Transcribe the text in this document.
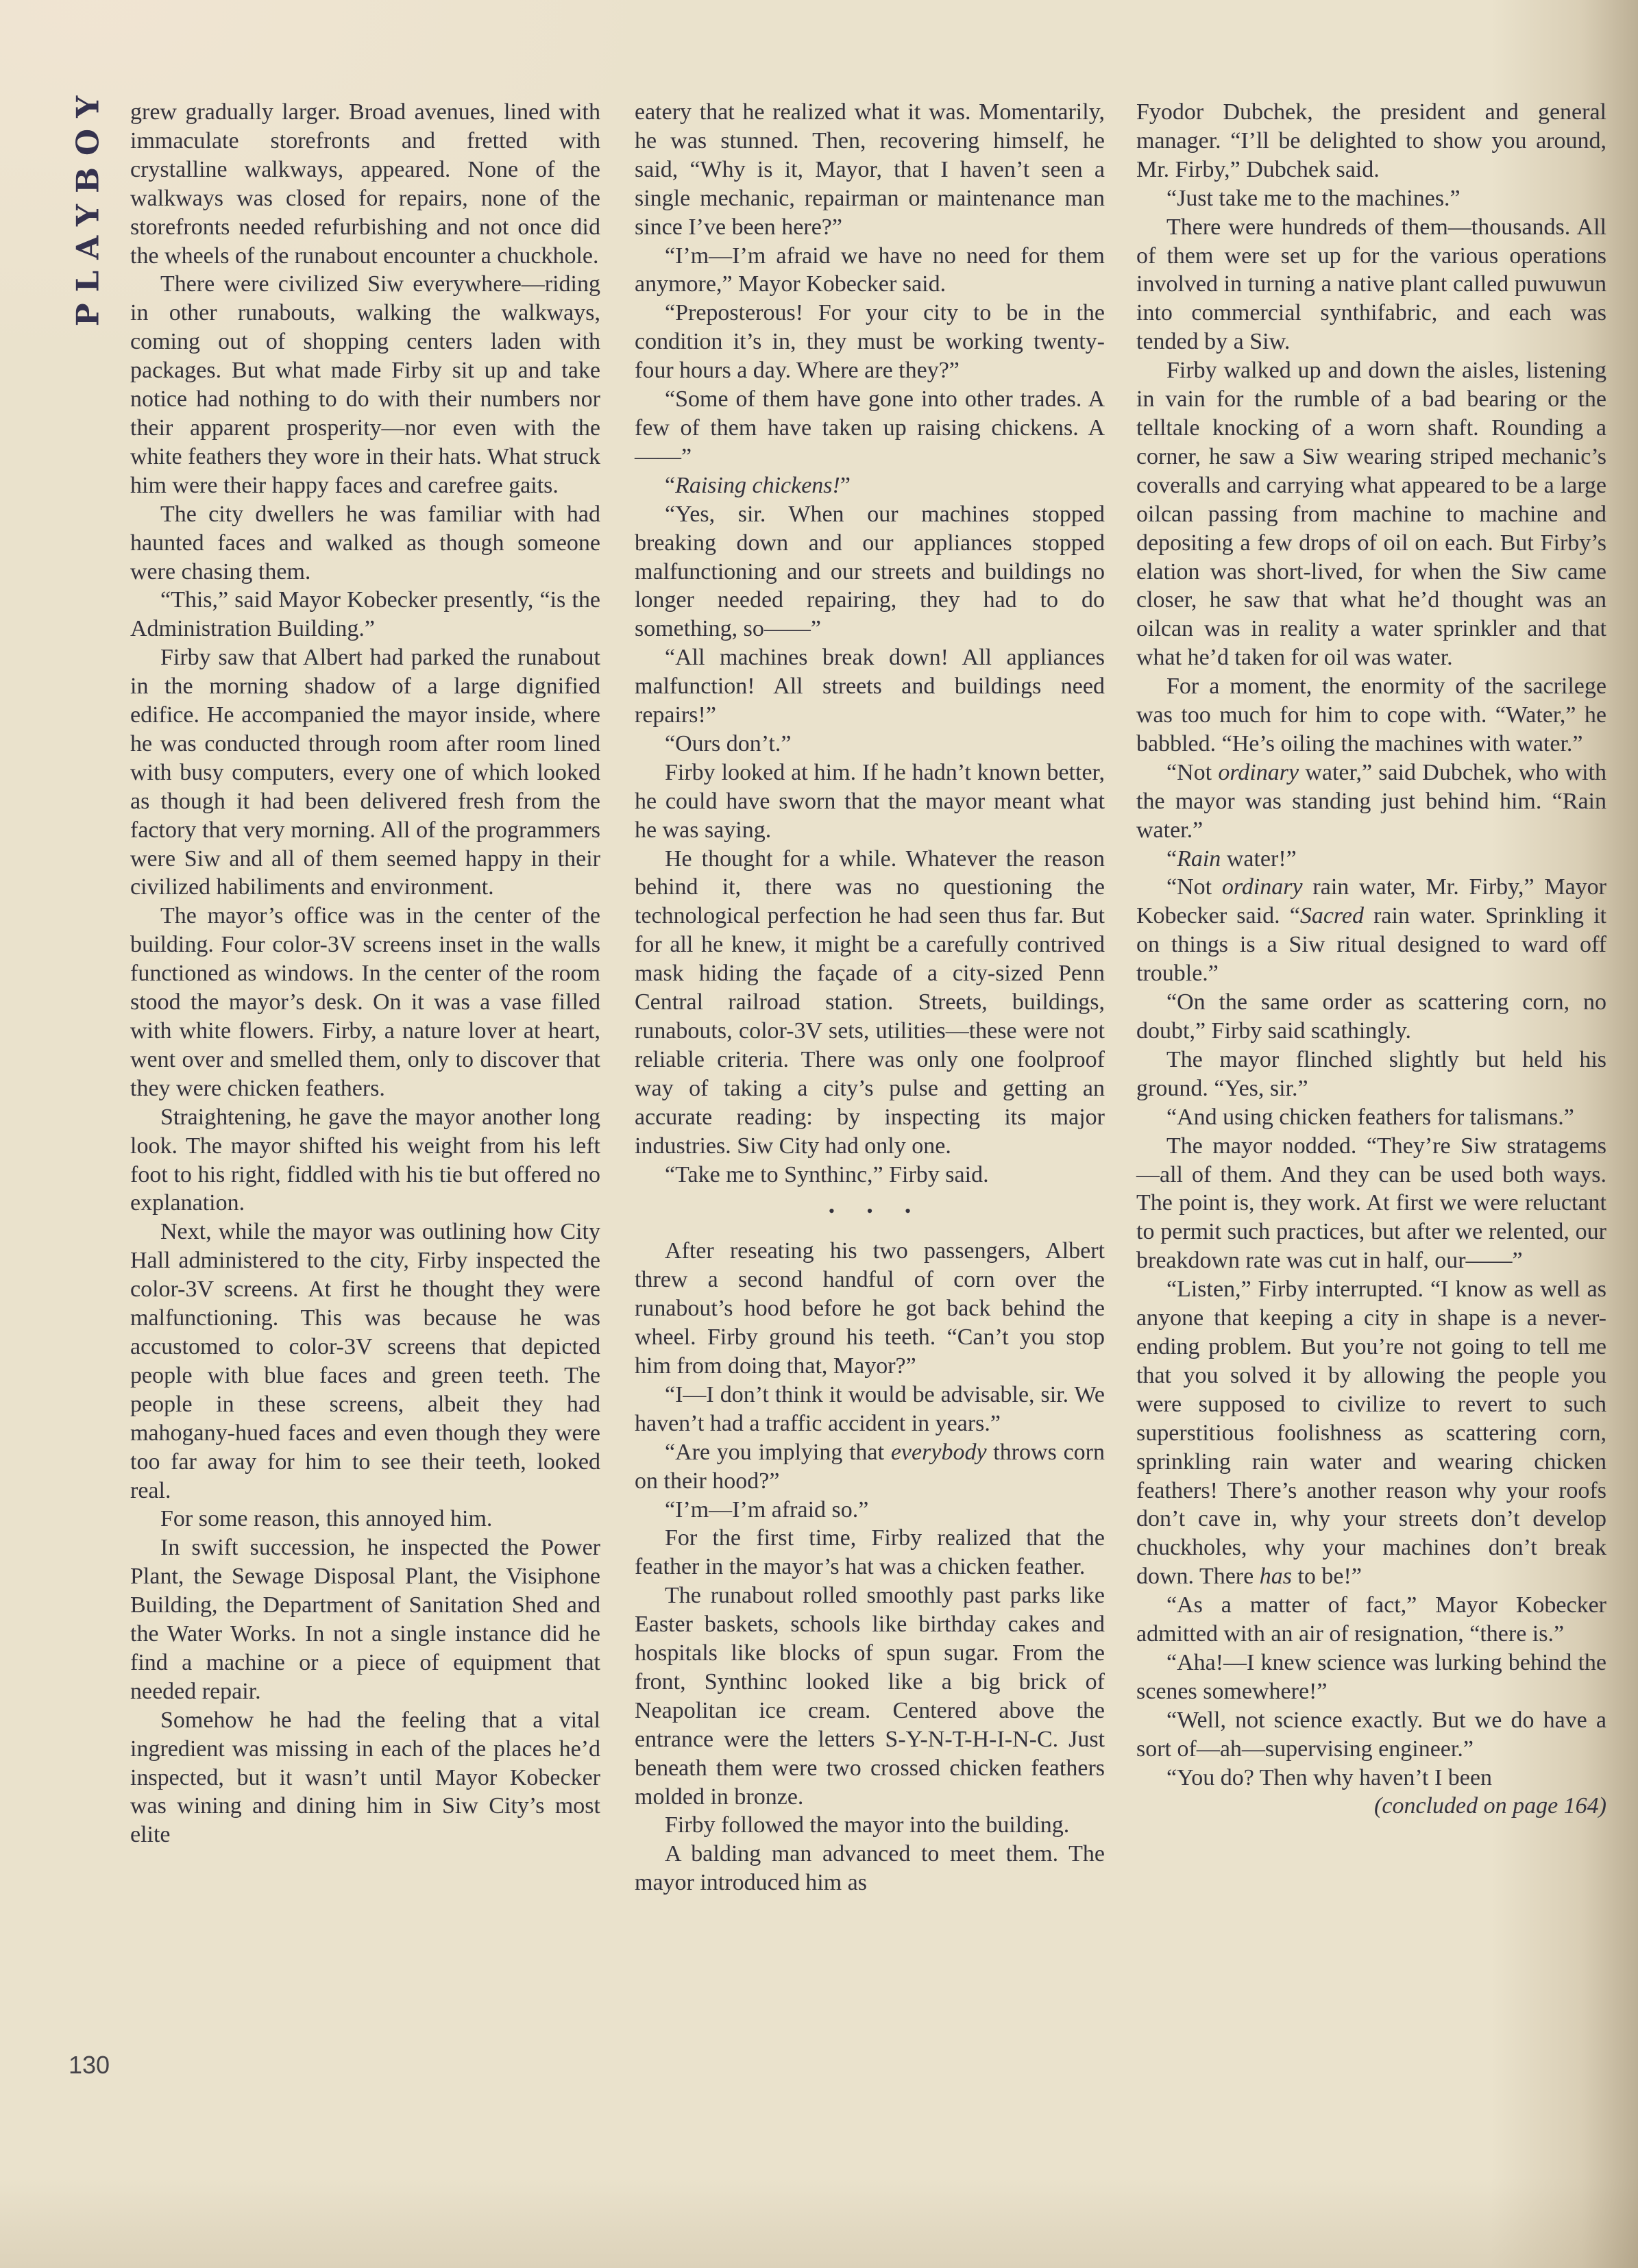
PLAYBOY grew gradually larger. Broad avenues, lined with immaculate storefronts and fretted with crystalline walkways, appeared. None of the walkways was closed for repairs, none of the storefronts needed refurbishing and not once did the wheels of the runabout encounter a chuckhole.

There were civilized Siw everywhere—riding in other runabouts, walking the walkways, coming out of shopping centers laden with packages. But what made Firby sit up and take notice had nothing to do with their numbers nor their apparent prosperity—nor even with the white feathers they wore in their hats. What struck him were their happy faces and carefree gaits.

The city dwellers he was familiar with had haunted faces and walked as though someone were chasing them.

“This,” said Mayor Kobecker presently, “is the Administration Building.”

Firby saw that Albert had parked the runabout in the morning shadow of a large dignified edifice. He accompanied the mayor inside, where he was conducted through room after room lined with busy computers, every one of which looked as though it had been delivered fresh from the factory that very morning. All of the programmers were Siw and all of them seemed happy in their civilized habiliments and environment.

The mayor’s office was in the center of the building. Four color-3V screens inset in the walls functioned as windows. In the center of the room stood the mayor’s desk. On it was a vase filled with white flowers. Firby, a nature lover at heart, went over and smelled them, only to discover that they were chicken feathers.

Straightening, he gave the mayor another long look. The mayor shifted his weight from his left foot to his right, fiddled with his tie but offered no explanation.

Next, while the mayor was outlining how City Hall administered to the city, Firby inspected the color-3V screens. At first he thought they were malfunctioning. This was because he was accustomed to color-3V screens that depicted people with blue faces and green teeth. The people in these screens, albeit they had mahogany-hued faces and even though they were too far away for him to see their teeth, looked real.

For some reason, this annoyed him.

In swift succession, he inspected the Power Plant, the Sewage Disposal Plant, the Visiphone Building, the Department of Sanitation Shed and the Water Works. In not a single instance did he find a machine or a piece of equipment that needed repair.

Somehow he had the feeling that a vital ingredient was missing in each of the places he’d inspected, but it wasn’t until Mayor Kobecker was wining and dining him in Siw City’s most elite

eatery that he realized what it was. Momentarily, he was stunned. Then, recovering himself, he said, “Why is it, Mayor, that I haven’t seen a single mechanic, repairman or maintenance man since I’ve been here?”

“I’m—I’m afraid we have no need for them anymore,” Mayor Kobecker said.

“Preposterous! For your city to be in the condition it’s in, they must be working twenty-four hours a day. Where are they?”

“Some of them have gone into other trades. A few of them have taken up raising chickens. A——”

“Raising chickens!”

“Yes, sir. When our machines stopped breaking down and our appliances stopped malfunctioning and our streets and buildings no longer needed repairing, they had to do something, so——”

“All machines break down! All appliances malfunction! All streets and buildings need repairs!”

“Ours don’t.”

Firby looked at him. If he hadn’t known better, he could have sworn that the mayor meant what he was saying.

He thought for a while. Whatever the reason behind it, there was no questioning the technological perfection he had seen thus far. But for all he knew, it might be a carefully contrived mask hiding the façade of a city-sized Penn Central railroad station. Streets, buildings, runabouts, color-3V sets, utilities—these were not reliable criteria. There was only one foolproof way of taking a city’s pulse and getting an accurate reading: by inspecting its major industries. Siw City had only one.

“Take me to Synthinc,” Firby said.

• • •

After reseating his two passengers, Albert threw a second handful of corn over the runabout’s hood before he got back behind the wheel. Firby ground his teeth. “Can’t you stop him from doing that, Mayor?”

“I—I don’t think it would be advisable, sir. We haven’t had a traffic accident in years.”

“Are you implying that everybody throws corn on their hood?”

“I’m—I’m afraid so.”

For the first time, Firby realized that the feather in the mayor’s hat was a chicken feather.

The runabout rolled smoothly past parks like Easter baskets, schools like birthday cakes and hospitals like blocks of spun sugar. From the front, Synthinc looked like a big brick of Neapolitan ice cream. Centered above the entrance were the letters S-Y-N-T-H-I-N-C. Just beneath them were two crossed chicken feathers molded in bronze.

Firby followed the mayor into the building.

A balding man advanced to meet them. The mayor introduced him as

Fyodor Dubchek, the president and general manager. “I’ll be delighted to show you around, Mr. Firby,” Dubchek said.

“Just take me to the machines.”

There were hundreds of them—thousands. All of them were set up for the various operations involved in turning a native plant called puwuwun into commercial synthifabric, and each was tended by a Siw.

Firby walked up and down the aisles, listening in vain for the rumble of a bad bearing or the telltale knocking of a worn shaft. Rounding a corner, he saw a Siw wearing striped mechanic’s coveralls and carrying what appeared to be a large oilcan passing from machine to machine and depositing a few drops of oil on each. But Firby’s elation was short-lived, for when the Siw came closer, he saw that what he’d thought was an oilcan was in reality a water sprinkler and that what he’d taken for oil was water.

For a moment, the enormity of the sacrilege was too much for him to cope with. “Water,” he babbled. “He’s oiling the machines with water.”

“Not ordinary water,” said Dubchek, who with the mayor was standing just behind him. “Rain water.”

“Rain water!”

“Not ordinary rain water, Mr. Firby,” Mayor Kobecker said. “Sacred rain water. Sprinkling it on things is a Siw ritual designed to ward off trouble.”

“On the same order as scattering corn, no doubt,” Firby said scathingly.

The mayor flinched slightly but held his ground. “Yes, sir.”

“And using chicken feathers for talismans.”

The mayor nodded. “They’re Siw stratagems—all of them. And they can be used both ways. The point is, they work. At first we were reluctant to permit such practices, but after we relented, our breakdown rate was cut in half, our——”

“Listen,” Firby interrupted. “I know as well as anyone that keeping a city in shape is a never-ending problem. But you’re not going to tell me that you solved it by allowing the people you were supposed to civilize to revert to such superstitious foolishness as scattering corn, sprinkling rain water and wearing chicken feathers! There’s another reason why your roofs don’t cave in, why your streets don’t develop chuckholes, why your machines don’t break down. There has to be!”

“As a matter of fact,” Mayor Kobecker admitted with an air of resignation, “there is.”

“Aha!—I knew science was lurking behind the scenes somewhere!”

“Well, not science exactly. But we do have a sort of—ah—supervising engineer.”

“You do? Then why haven’t I been

(concluded on page 164)

130
